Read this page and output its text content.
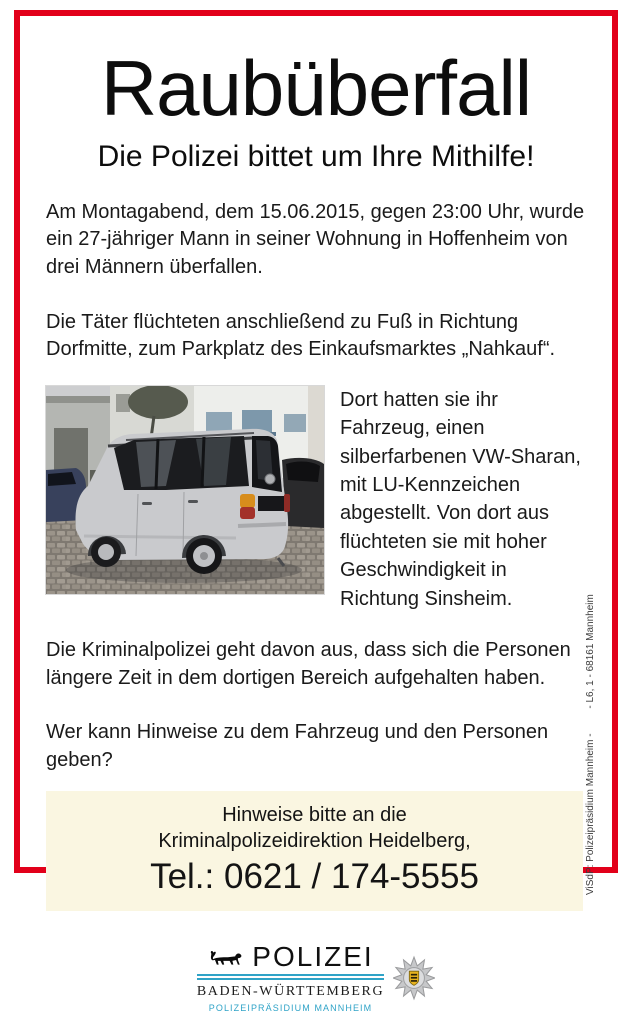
Raubüberfall
Die Polizei bittet um Ihre Mithilfe!

Am Montagabend, dem 15.06.2015, gegen 23:00 Uhr, wurde ein 27-jähriger Mann in seiner Wohnung in Hoffenheim von drei Männern überfallen.

Die Täter flüchteten anschließend zu Fuß in Richtung Dorfmitte, zum Parkplatz des Einkaufsmarktes „Nahkauf“.

Dort hatten sie ihr Fahrzeug, einen silberfarbenen VW-Sharan, mit LU-Kennzeichen abgestellt. Von dort aus flüchteten sie mit hoher Geschwindigkeit in Richtung Sinsheim.

Die Kriminalpolizei geht davon aus, dass sich die Personen längere Zeit in dem dortigen Bereich aufgehalten haben.

Wer kann Hinweise zu dem Fahrzeug und den Personen geben?

Hinweise bitte an die
Kriminalpolizeidirektion Heidelberg,
Tel.: 0621 / 174-5555
POLIZEI
BADEN-WÜRTTEMBERG
POLIZEIPRÄSIDIUM MANNHEIM
ViSdP: Polizeipräsidium Mannheim - - L6, 1 - 68161 Mannheim
